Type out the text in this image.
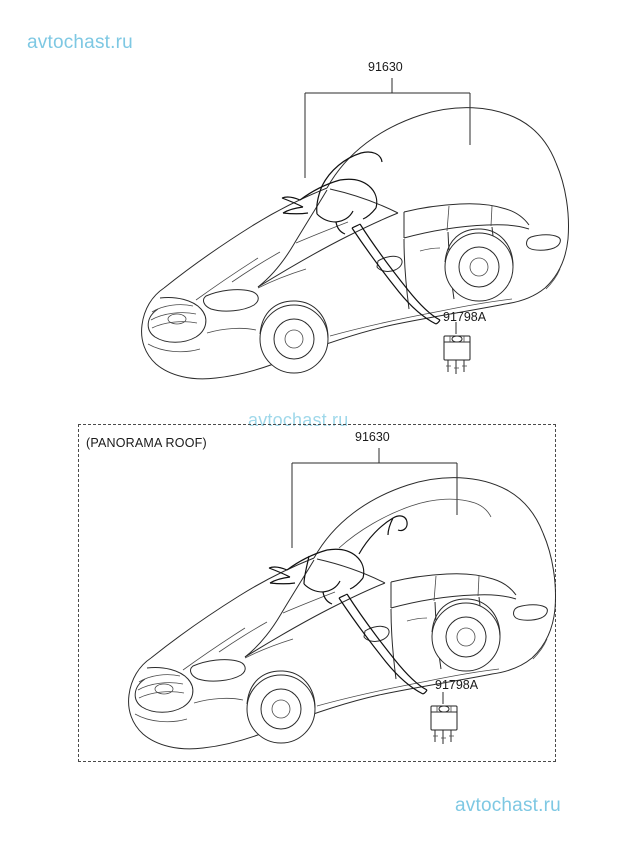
avtochast.ru
avtochast.ru
avtochast.ru
91630
91798A
(PANORAMA ROOF)	91630
91798A
